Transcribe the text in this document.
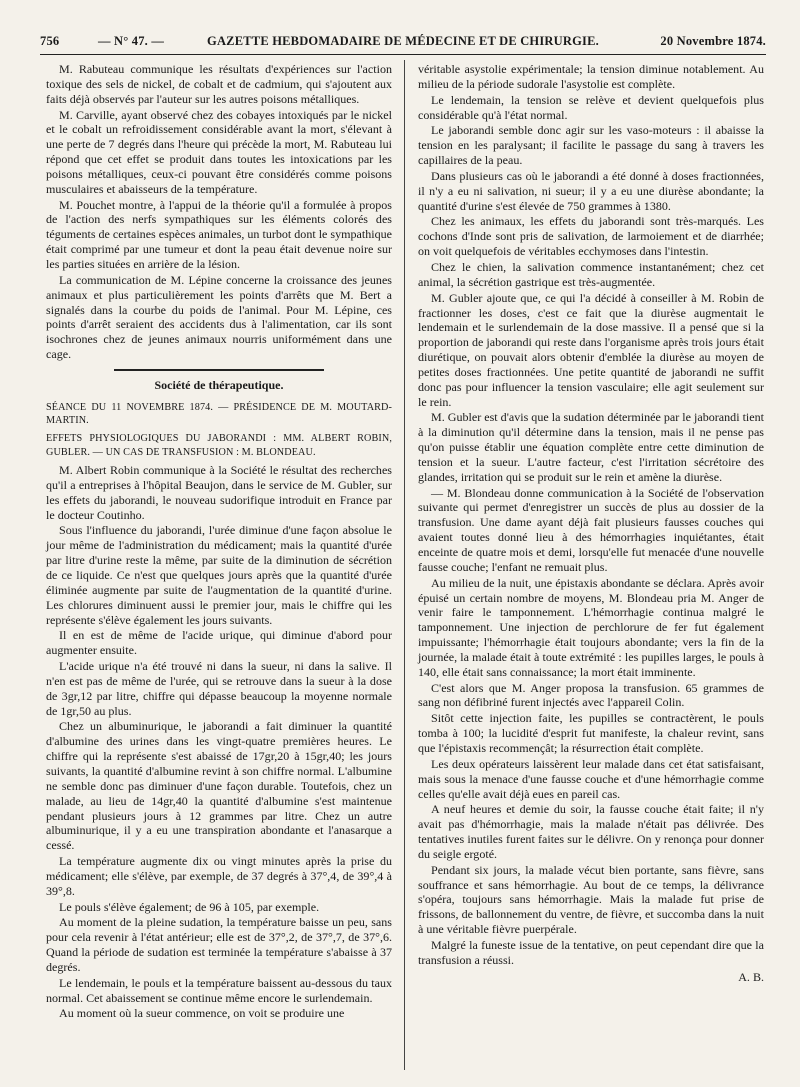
756	— N° 47. —	GAZETTE HEBDOMADAIRE DE MÉDECINE ET DE CHIRURGIE.	20 Novembre 1874.

M. Rabuteau communique les résultats d'expériences sur l'action toxique des sels de nickel, de cobalt et de cadmium, qui s'ajoutent aux faits déjà observés par l'auteur sur les autres poisons métalliques.

M. Carville, ayant observé chez des cobayes intoxiqués par le nickel et le cobalt un refroidissement considérable avant la mort, s'élevant à une perte de 7 degrés dans l'heure qui précède la mort, M. Rabuteau lui répond que cet effet se produit dans toutes les intoxications par les poisons métalliques, ceux-ci pouvant être considérés comme poisons musculaires et abaisseurs de la température.

M. Pouchet montre, à l'appui de la théorie qu'il a formulée à propos de l'action des nerfs sympathiques sur les éléments colorés des téguments de certaines espèces animales, un turbot dont le sympathique était comprimé par une tumeur et dont la peau était devenue noire sur les parties situées en arrière de la lésion.

La communication de M. Lépine concerne la croissance des jeunes animaux et plus particulièrement les points d'arrêts que M. Bert a signalés dans la courbe du poids de l'animal. Pour M. Lépine, ces points d'arrêt seraient des accidents dus à l'alimentation, car ils sont isochrones chez de jeunes animaux nourris uniformément dans une cage.

Société de thérapeutique.

SÉANCE DU 11 NOVEMBRE 1874. — PRÉSIDENCE DE M. MOUTARD-MARTIN.

EFFETS PHYSIOLOGIQUES DU JABORANDI : MM. ALBERT ROBIN, GUBLER. — UN CAS DE TRANSFUSION : M. BLONDEAU.

M. Albert Robin communique à la Société le résultat des recherches qu'il a entreprises à l'hôpital Beaujon, dans le service de M. Gubler, sur les effets du jaborandi, le nouveau sudorifique introduit en France par le docteur Coutinho.

Sous l'influence du jaborandi, l'urée diminue d'une façon absolue le jour même de l'administration du médicament; mais la quantité d'urée par litre d'urine reste la même, par suite de la diminution de sécrétion de ce liquide. Ce n'est que quelques jours après que la quantité d'urée éliminée augmente par suite de l'augmentation de la quantité d'urine. Les chlorures diminuent aussi le premier jour, mais le chiffre qui les représente s'élève également les jours suivants.

Il en est de même de l'acide urique, qui diminue d'abord pour augmenter ensuite.

L'acide urique n'a été trouvé ni dans la sueur, ni dans la salive. Il n'en est pas de même de l'urée, qui se retrouve dans la sueur à la dose de 3gr,12 par litre, chiffre qui dépasse beaucoup la moyenne normale de 1gr,50 au plus.

Chez un albuminurique, le jaborandi a fait diminuer la quantité d'albumine des urines dans les vingt-quatre premières heures. Le chiffre qui la représente s'est abaissé de 17gr,20 à 15gr,40; les jours suivants, la quantité d'albumine revint à son chiffre normal. L'albumine ne semble donc pas diminuer d'une façon durable. Toutefois, chez un malade, au lieu de 14gr,40 la quantité d'albumine s'est maintenue pendant plusieurs jours à 12 grammes par litre. Chez un autre albuminurique, il y a eu une transpiration abondante et l'anasarque a cessé.

La température augmente dix ou vingt minutes après la prise du médicament; elle s'élève, par exemple, de 37 degrés à 37°,4, de 39°,4 à 39°,8.

Le pouls s'élève également; de 96 à 105, par exemple.

Au moment de la pleine sudation, la température baisse un peu, sans pour cela revenir à l'état antérieur; elle est de 37°,2, de 37°,7, de 37°,6. Quand la période de sudation est terminée la température s'abaisse à 37 degrés.

Le lendemain, le pouls et la température baissent au-dessous du taux normal. Cet abaissement se continue même encore le surlendemain.

Au moment où la sueur commence, on voit se produire une

véritable asystolie expérimentale; la tension diminue notablement. Au milieu de la période sudorale l'asystolie est complète.

Le lendemain, la tension se relève et devient quelquefois plus considérable qu'à l'état normal.

Le jaborandi semble donc agir sur les vaso-moteurs : il abaisse la tension en les paralysant; il facilite le passage du sang à travers les capillaires de la peau.

Dans plusieurs cas où le jaborandi a été donné à doses fractionnées, il n'y a eu ni salivation, ni sueur; il y a eu une diurèse abondante; la quantité d'urine s'est élevée de 750 grammes à 1380.

Chez les animaux, les effets du jaborandi sont très-marqués. Les cochons d'Inde sont pris de salivation, de larmoiement et de diarrhée; on voit quelquefois de véritables ecchymoses dans l'intestin.

Chez le chien, la salivation commence instantanément; chez cet animal, la sécrétion gastrique est très-augmentée.

M. Gubler ajoute que, ce qui l'a décidé à conseiller à M. Robin de fractionner les doses, c'est ce fait que la diurèse augmentait le lendemain et le surlendemain de la dose massive. Il a pensé que si la proportion de jaborandi qui reste dans l'organisme après trois jours était diurétique, on pouvait alors obtenir d'emblée la diurèse au moyen de petites doses fractionnées. Une petite quantité de jaborandi ne suffit donc pas pour influencer la tension vasculaire; elle agit seulement sur le rein.

M. Gubler est d'avis que la sudation déterminée par le jaborandi tient à la diminution qu'il détermine dans la tension, mais il ne pense pas qu'on puisse établir une équation complète entre cette diminution de tension et la sueur. L'autre facteur, c'est l'irritation sécrétoire des glandes, irritation qui se produit sur le rein et amène la diurèse.

— M. Blondeau donne communication à la Société de l'observation suivante qui permet d'enregistrer un succès de plus au dossier de la transfusion. Une dame ayant déjà fait plusieurs fausses couches qui avaient toutes donné lieu à des hémorrhagies inquiétantes, était enceinte de quatre mois et demi, lorsqu'elle fut menacée d'une nouvelle fausse couche; l'enfant ne remuait plus.

Au milieu de la nuit, une épistaxis abondante se déclara. Après avoir épuisé un certain nombre de moyens, M. Blondeau pria M. Anger de venir faire le tamponnement. L'hémorrhagie continua malgré le tamponnement. Une injection de perchlorure de fer fut également impuissante; l'hémorrhagie était toujours abondante; vers la fin de la journée, la malade était à toute extrémité : les pupilles larges, le pouls à 140, elle était sans connaissance; la mort était imminente.

C'est alors que M. Anger proposa la transfusion. 65 grammes de sang non défibriné furent injectés avec l'appareil Colin.

Sitôt cette injection faite, les pupilles se contractèrent, le pouls tomba à 100; la lucidité d'esprit fut manifeste, la chaleur revint, sans que l'épistaxis recommençât; la résurrection était complète.

Les deux opérateurs laissèrent leur malade dans cet état satisfaisant, mais sous la menace d'une fausse couche et d'une hémorrhagie comme celles qu'elle avait déjà eues en pareil cas.

A neuf heures et demie du soir, la fausse couche était faite; il n'y avait pas d'hémorrhagie, mais la malade n'était pas délivrée. Des tentatives inutiles furent faites sur le délivre. On y renonça pour donner du seigle ergoté.

Pendant six jours, la malade vécut bien portante, sans fièvre, sans souffrance et sans hémorrhagie. Au bout de ce temps, la délivrance s'opéra, toujours sans hémorrhagie. Mais la malade fut prise de frissons, de ballonnement du ventre, de fièvre, et succomba dans la nuit à une véritable fièvre puerpérale.

Malgré la funeste issue de la tentative, on peut cependant dire que la transfusion a réussi.

A. B.
